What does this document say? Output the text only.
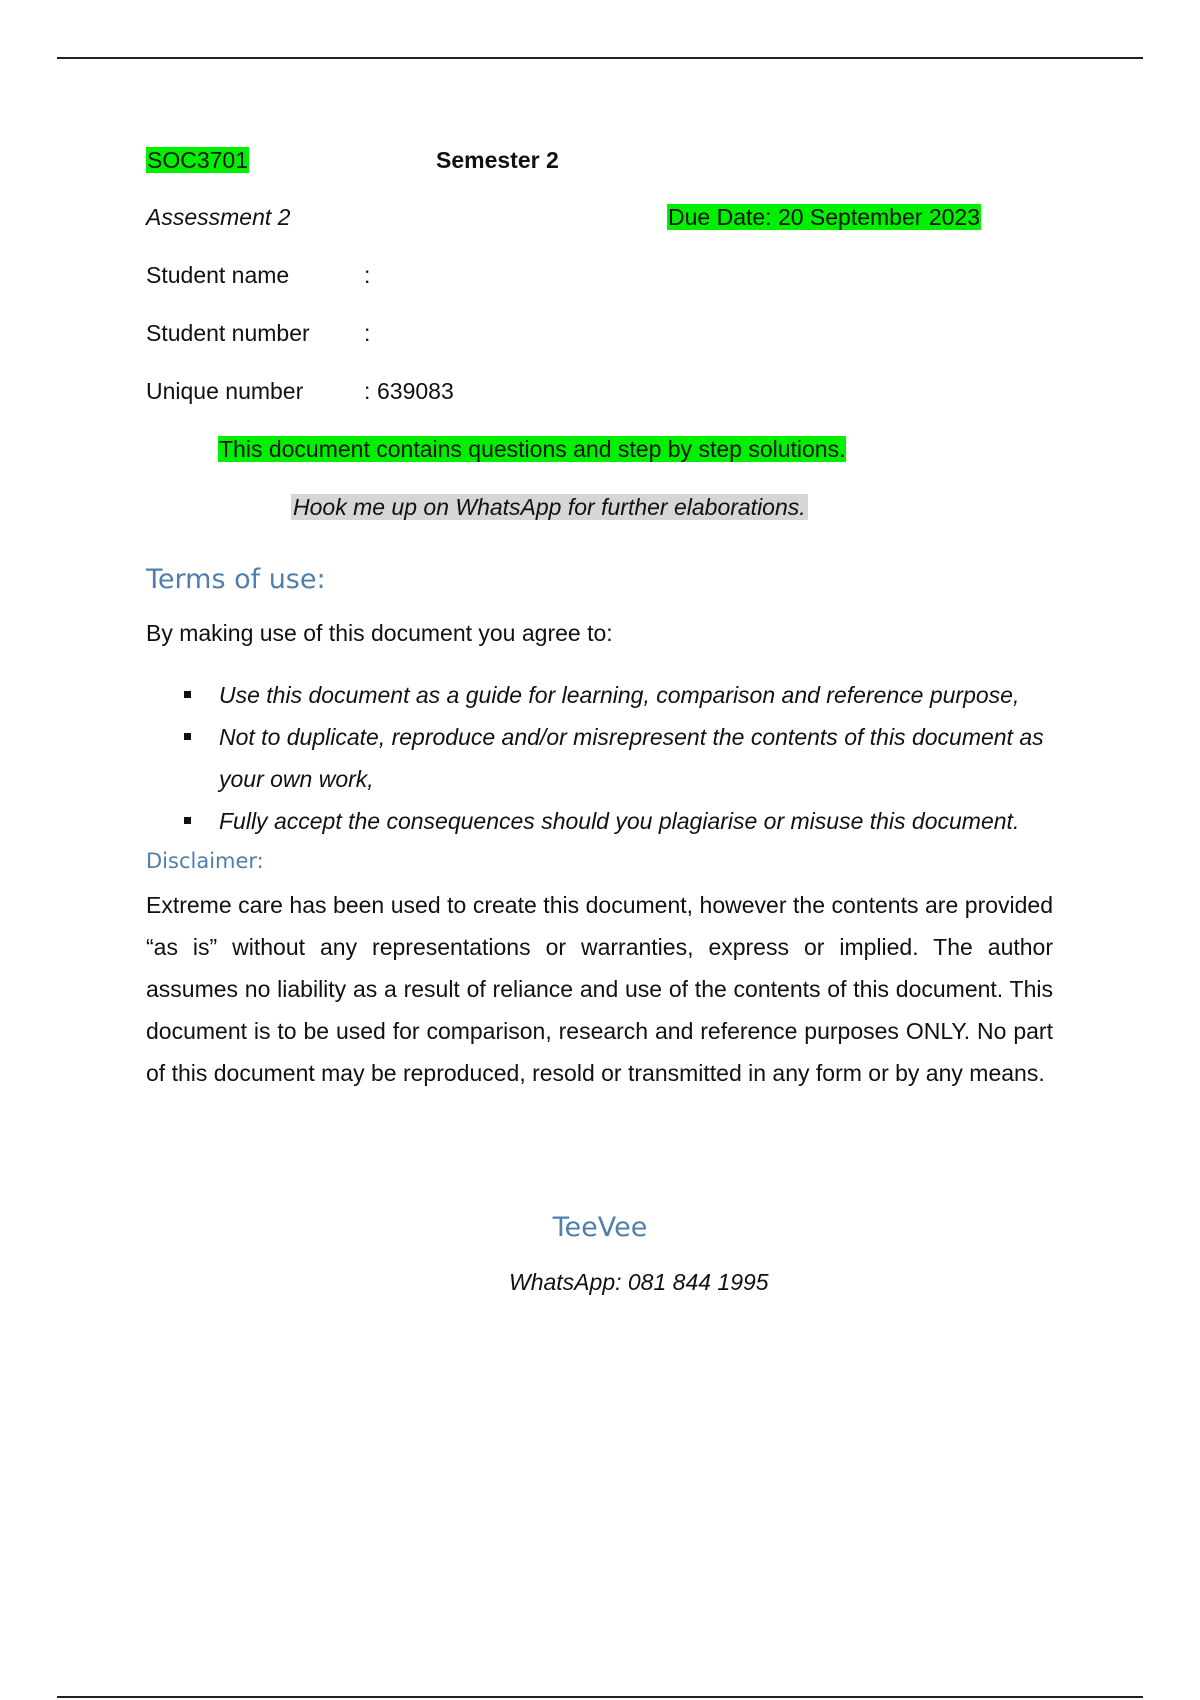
SOC3701	Semester 2
Assessment 2	Due Date: 20 September 2023
Student name	:
Student number :
Unique number	: 639083
This document contains questions and step by step solutions.
Hook me up on WhatsApp for further elaborations.
Terms of use:
By making use of this document you agree to:
Use this document as a guide for learning, comparison and reference purpose,
Not to duplicate, reproduce and/or misrepresent the contents of this document as your own work,
Fully accept the consequences should you plagiarise or misuse this document.
Disclaimer:

Extreme care has been used to create this document, however the contents are provided “as is” without any representations or warranties, express or implied. The author assumes no liability as a result of reliance and use of the contents of this document. This document is to be used for comparison, research and reference purposes ONLY. No part of this document may be reproduced, resold or transmitted in any form or by any means.

TeeVee
WhatsApp: 081 844 1995
